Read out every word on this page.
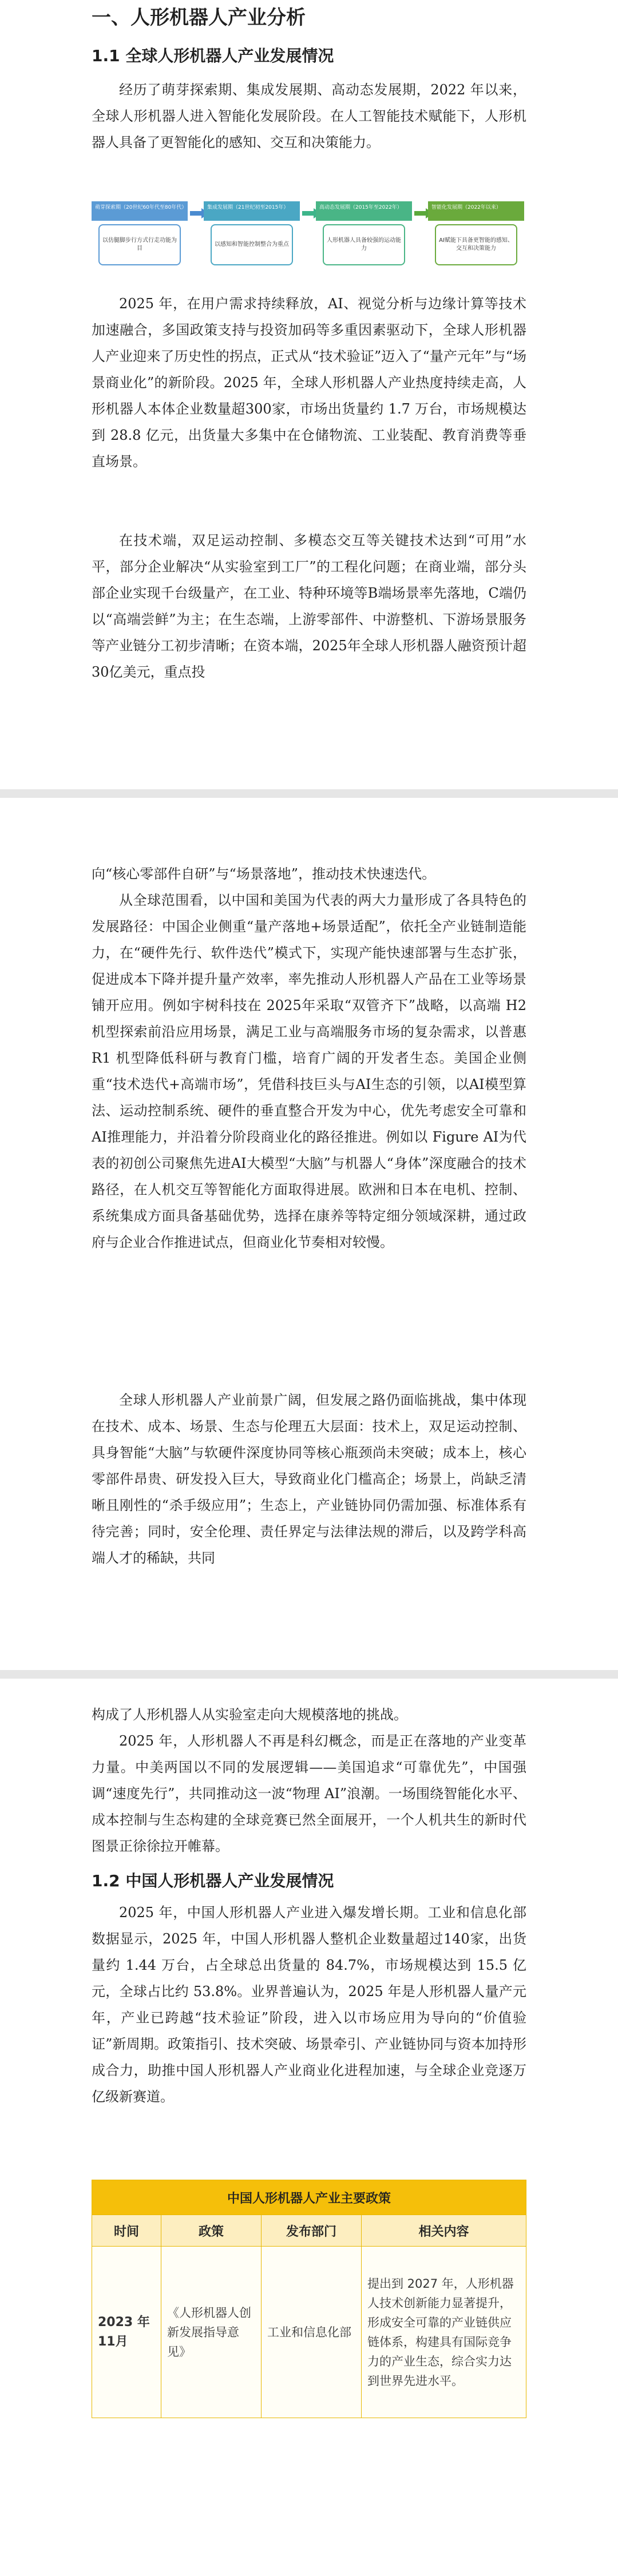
一、人形机器人产业分析
1.1 全球人形机器人产业发展情况

经历了萌芽探索期、集成发展期、高动态发展期，2022 年以来，全球人形机器人进入智能化发展阶段。在人工智能技术赋能下，人形机器人具备了更智能化的感知、交互和决策能力。

萌芽探索期（20世纪60年代至80年代）
以仿腿脚步行方式行走功能为目
集成发展期（21世纪初至2015年）
以感知和智能控制整合为重点
高动态发展期（2015年至2022年）
人形机器人具备较强的运动能力
智能化发展期（2022年以来）
AI赋能下具备更智能的感知、交互和决策能力

2025 年，在用户需求持续释放，AI、视觉分析与边缘计算等技术加速融合，多国政策支持与投资加码等多重因素驱动下，全球人形机器人产业迎来了历史性的拐点，正式从“技术验证”迈入了“量产元年”与“场景商业化”的新阶段。2025 年，全球人形机器人产业热度持续走高，人形机器人本体企业数量超300家，市场出货量约 1.7 万台，市场规模达到 28.8 亿元，出货量大多集中在仓储物流、工业装配、教育消费等垂直场景。

在技术端，双足运动控制、多模态交互等关键技术达到“可用”水平，部分企业解决“从实验室到工厂”的工程化问题；在商业端，部分头部企业实现千台级量产，在工业、特种环境等B端场景率先落地，C端仍以“高端尝鲜”为主；在生态端，上游零部件、中游整机、下游场景服务等产业链分工初步清晰；在资本端，2025年全球人形机器人融资预计超30亿美元，重点投

向“核心零部件自研”与“场景落地”，推动技术快速迭代。

从全球范围看，以中国和美国为代表的两大力量形成了各具特色的发展路径：中国企业侧重“量产落地+场景适配”，依托全产业链制造能力，在“硬件先行、软件迭代”模式下，实现产能快速部署与生态扩张，促进成本下降并提升量产效率，率先推动人形机器人产品在工业等场景铺开应用。例如宇树科技在 2025年采取“双管齐下”战略，以高端 H2 机型探索前沿应用场景，满足工业与高端服务市场的复杂需求，以普惠 R1 机型降低科研与教育门槛，培育广阔的开发者生态。美国企业侧重“技术迭代+高端市场”，凭借科技巨头与AI生态的引领，以AI模型算法、运动控制系统、硬件的垂直整合开发为中心，优先考虑安全可靠和AI推理能力，并沿着分阶段商业化的路径推进。例如以 Figure AI为代表的初创公司聚焦先进AI大模型“大脑”与机器人“身体”深度融合的技术路径，在人机交互等智能化方面取得进展。欧洲和日本在电机、控制、系统集成方面具备基础优势，选择在康养等特定细分领域深耕，通过政府与企业合作推进试点，但商业化节奏相对较慢。

全球人形机器人产业前景广阔，但发展之路仍面临挑战，集中体现在技术、成本、场景、生态与伦理五大层面：技术上，双足运动控制、具身智能“大脑”与软硬件深度协同等核心瓶颈尚未突破；成本上，核心零部件昂贵、研发投入巨大，导致商业化门槛高企；场景上，尚缺乏清晰且刚性的“杀手级应用”；生态上，产业链协同仍需加强、标准体系有待完善；同时，安全伦理、责任界定与法律法规的滞后，以及跨学科高端人才的稀缺，共同

构成了人形机器人从实验室走向大规模落地的挑战。

2025 年，人形机器人不再是科幻概念，而是正在落地的产业变革力量。中美两国以不同的发展逻辑——美国追求“可靠优先”，中国强调“速度先行”，共同推动这一波“物理 AI”浪潮。一场围绕智能化水平、成本控制与生态构建的全球竞赛已然全面展开，一个人机共生的新时代图景正徐徐拉开帷幕。

1.2 中国人形机器人产业发展情况

2025 年，中国人形机器人产业进入爆发增长期。工业和信息化部数据显示，2025 年，中国人形机器人整机企业数量超过140家，出货量约 1.44 万台，占全球总出货量的 84.7%，市场规模达到 15.5 亿元，全球占比约 53.8%。业界普遍认为，2025 年是人形机器人量产元年，产业已跨越“技术验证”阶段，进入以市场应用为导向的“价值验证”新周期。政策指引、技术突破、场景牵引、产业链协同与资本加持形成合力，助推中国人形机器人产业商业化进程加速，与全球企业竞逐万亿级新赛道。

中国人形机器人产业主要政策			
时间	政策	发布部门	相关内容
2023 年11月	《人形机器人创新发展指导意见》	工业和信息化部	提出到 2027 年，人形机器人技术创新能力显著提升，形成安全可靠的产业链供应链体系，构建具有国际竞争力的产业生态，综合实力达到世界先进水平。
